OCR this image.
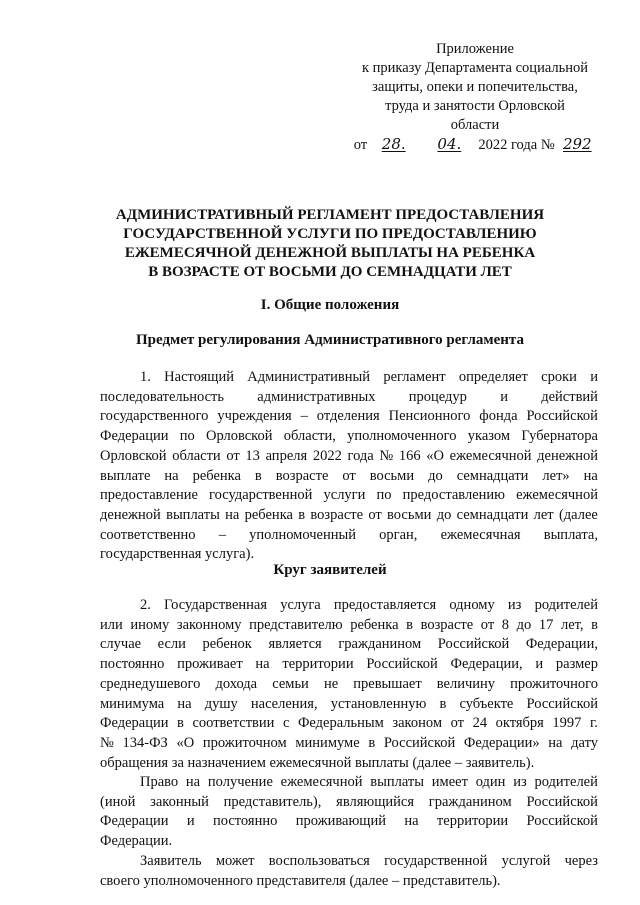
Приложение
к приказу Департамента социальной
защиты, опеки и попечительства,
труда и занятости Орловской
области
от 28. 04. 2022 года № 292
АДМИНИСТРАТИВНЫЙ РЕГЛАМЕНТ ПРЕДОСТАВЛЕНИЯ
ГОСУДАРСТВЕННОЙ УСЛУГИ ПО ПРЕДОСТАВЛЕНИЮ
ЕЖЕМЕСЯЧНОЙ ДЕНЕЖНОЙ ВЫПЛАТЫ НА РЕБЕНКА
В ВОЗРАСТЕ ОТ ВОСЬМИ ДО СЕМНАДЦАТИ ЛЕТ
I. Общие положения
Предмет регулирования Административного регламента
1. Настоящий Административный регламент определяет сроки и
последовательность административных процедур и действий
государственного учреждения – отделения Пенсионного фонда Российской
Федерации по Орловской области, уполномоченного указом Губернатора
Орловской области от 13 апреля 2022 года № 166 «О ежемесячной денежной
выплате на ребенка в возрасте от восьми до семнадцати лет» на
предоставление государственной услуги по предоставлению ежемесячной
денежной выплаты на ребенка в возрасте от восьми до семнадцати лет (далее
соответственно – уполномоченный орган, ежемесячная выплата,
государственная услуга).
Круг заявителей
2. Государственная услуга предоставляется одному из родителей
или иному законному представителю ребенка в возрасте от 8 до 17 лет, в
случае если ребенок является гражданином Российской Федерации,
постоянно проживает на территории Российской Федерации, и размер
среднедушевого дохода семьи не превышает величину прожиточного
минимума на душу населения, установленную в субъекте Российской
Федерации в соответствии с Федеральным законом от 24 октября 1997 г.
№ 134-ФЗ «О прожиточном минимуме в Российской Федерации» на дату
обращения за назначением ежемесячной выплаты (далее – заявитель).
Право на получение ежемесячной выплаты имеет один из родителей
(иной законный представитель), являющийся гражданином Российской
Федерации и постоянно проживающий на территории Российской
Федерации.
Заявитель может воспользоваться государственной услугой через
своего уполномоченного представителя (далее – представитель).
